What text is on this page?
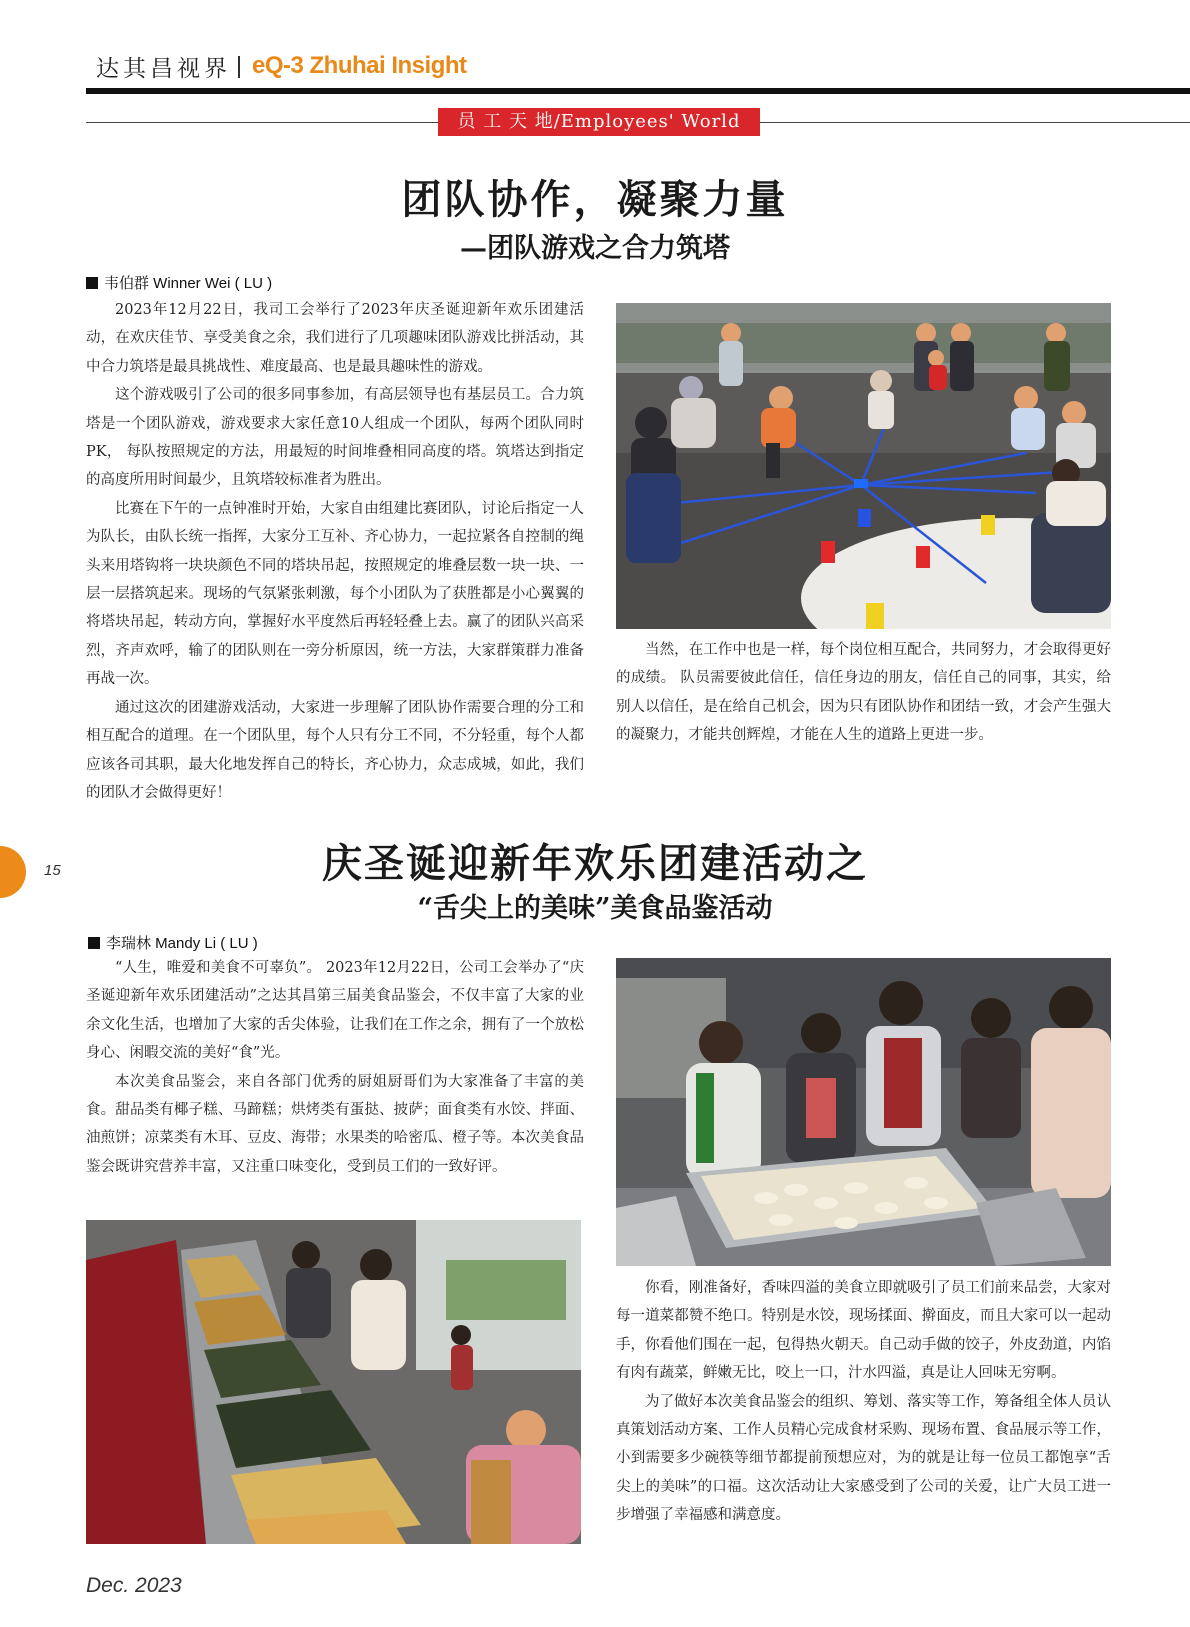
达其昌视界 | eQ-3 Zhuhai Insight
员 工 天 地/Employees' World
团队协作，凝聚力量
—团队游戏之合力筑塔
韦伯群 Winner Wei ( LU )

2023年12月22日，我司工会举行了2023年庆圣诞迎新年欢乐团建活动，在欢庆佳节、享受美食之余，我们进行了几项趣味团队游戏比拼活动，其中合力筑塔是最具挑战性、难度最高、也是最具趣味性的游戏。

这个游戏吸引了公司的很多同事参加，有高层领导也有基层员工。合力筑塔是一个团队游戏，游戏要求大家任意10人组成一个团队，每两个团队同时PK， 每队按照规定的方法，用最短的时间堆叠相同高度的塔。筑塔达到指定的高度所用时间最少，且筑塔较标准者为胜出。

比赛在下午的一点钟准时开始，大家自由组建比赛团队，讨论后指定一人为队长，由队长统一指挥，大家分工互补、齐心协力，一起拉紧各自控制的绳头来用塔钩将一块块颜色不同的塔块吊起，按照规定的堆叠层数一块一块、一层一层搭筑起来。现场的气氛紧张刺激，每个小团队为了获胜都是小心翼翼的将塔块吊起，转动方向，掌握好水平度然后再轻轻叠上去。赢了的团队兴高采烈，齐声欢呼，输了的团队则在一旁分析原因，统一方法，大家群策群力准备再战一次。

通过这次的团建游戏活动，大家进一步理解了团队协作需要合理的分工和相互配合的道理。在一个团队里，每个人只有分工不同，不分轻重，每个人都应该各司其职，最大化地发挥自己的特长，齐心协力，众志成城，如此，我们的团队才会做得更好！

当然，在工作中也是一样，每个岗位相互配合，共同努力，才会取得更好的成绩。 队员需要彼此信任，信任身边的朋友，信任自己的同事，其实，给别人以信任，是在给自己机会，因为只有团队协作和团结一致，才会产生强大的凝聚力，才能共创辉煌，才能在人生的道路上更进一步。

15	庆圣诞迎新年欢乐团建活动之
“舌尖上的美味”美食品鉴活动
李瑞林 Mandy Li ( LU )

“人生，唯爱和美食不可辜负”。 2023年12月22日，公司工会举办了“庆圣诞迎新年欢乐团建活动”之达其昌第三届美食品鉴会，不仅丰富了大家的业余文化生活，也增加了大家的舌尖体验，让我们在工作之余，拥有了一个放松身心、闲暇交流的美好“食”光。

本次美食品鉴会，来自各部门优秀的厨姐厨哥们为大家准备了丰富的美食。甜品类有椰子糕、马蹄糕；烘烤类有蛋挞、披萨；面食类有水饺、拌面、油煎饼；凉菜类有木耳、豆皮、海带；水果类的哈密瓜、橙子等。本次美食品鉴会既讲究营养丰富，又注重口味变化，受到员工们的一致好评。

你看，刚准备好，香味四溢的美食立即就吸引了员工们前来品尝，大家对每一道菜都赞不绝口。特别是水饺，现场揉面、擀面皮，而且大家可以一起动手，你看他们围在一起，包得热火朝天。自己动手做的饺子，外皮劲道，内馅有肉有蔬菜，鲜嫩无比，咬上一口，汁水四溢，真是让人回味无穷啊。

为了做好本次美食品鉴会的组织、筹划、落实等工作，筹备组全体人员认真策划活动方案、工作人员精心完成食材采购、现场布置、食品展示等工作，小到需要多少碗筷等细节都提前预想应对，为的就是让每一位员工都饱享“舌尖上的美味”的口福。这次活动让大家感受到了公司的关爱，让广大员工进一步增强了幸福感和满意度。

Dec. 2023
